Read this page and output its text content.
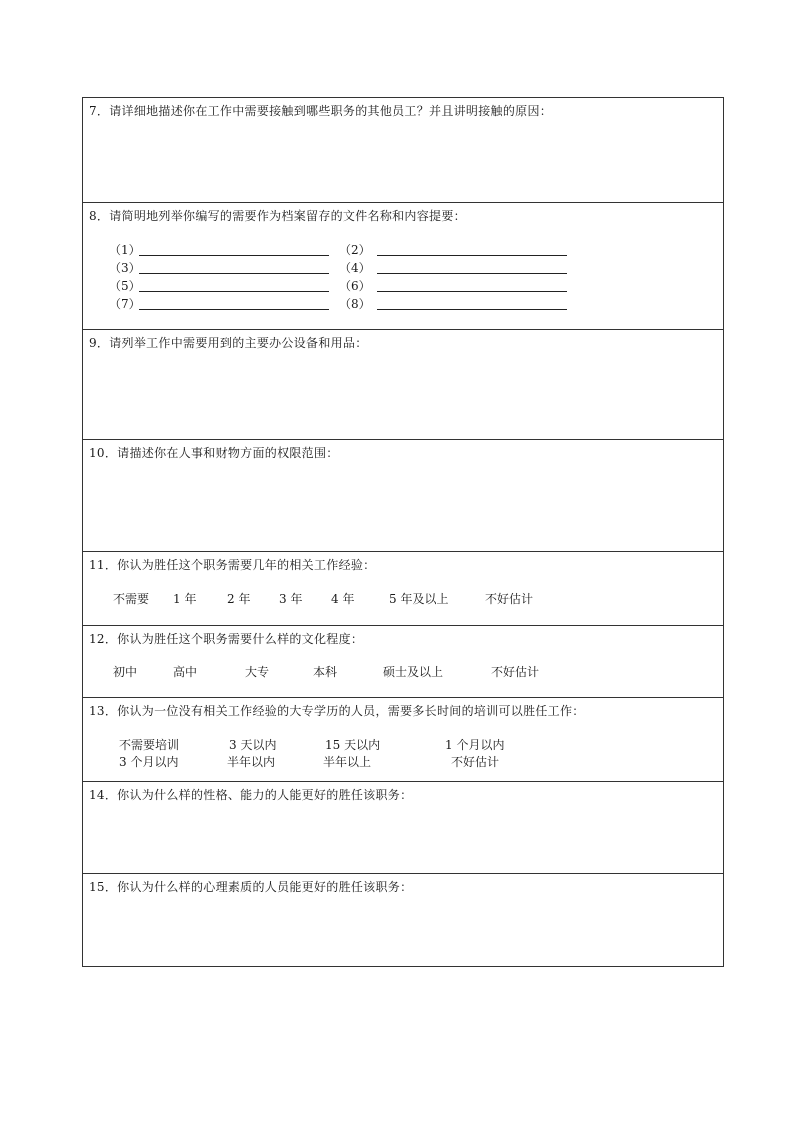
7．请详细地描述你在工作中需要接触到哪些职务的其他员工？并且讲明接触的原因：
8．请简明地列举你编写的需要作为档案留存的文件名称和内容提要：
（1）	（2）
（3）	（4）
（5）	（6）
（7）	（8）
9．请列举工作中需要用到的主要办公设备和用品：
10．请描述你在人事和财物方面的权限范围：
11．你认为胜任这个职务需要几年的相关工作经验：
不需要 1 年	2 年 3 年 4 年	5 年及以上	不好估计
12．你认为胜任这个职务需要什么样的文化程度：
初中	高中	大专	本科	硕士及以上	不好估计
13．你认为一位没有相关工作经验的大专学历的人员，需要多长时间的培训可以胜任工作：
不需要培训	3 天以内	15 天以内	1 个月以内
3 个月以内	半年以内	半年以上	不好估计
14．你认为什么样的性格、能力的人能更好的胜任该职务：
15．你认为什么样的心理素质的人员能更好的胜任该职务：
